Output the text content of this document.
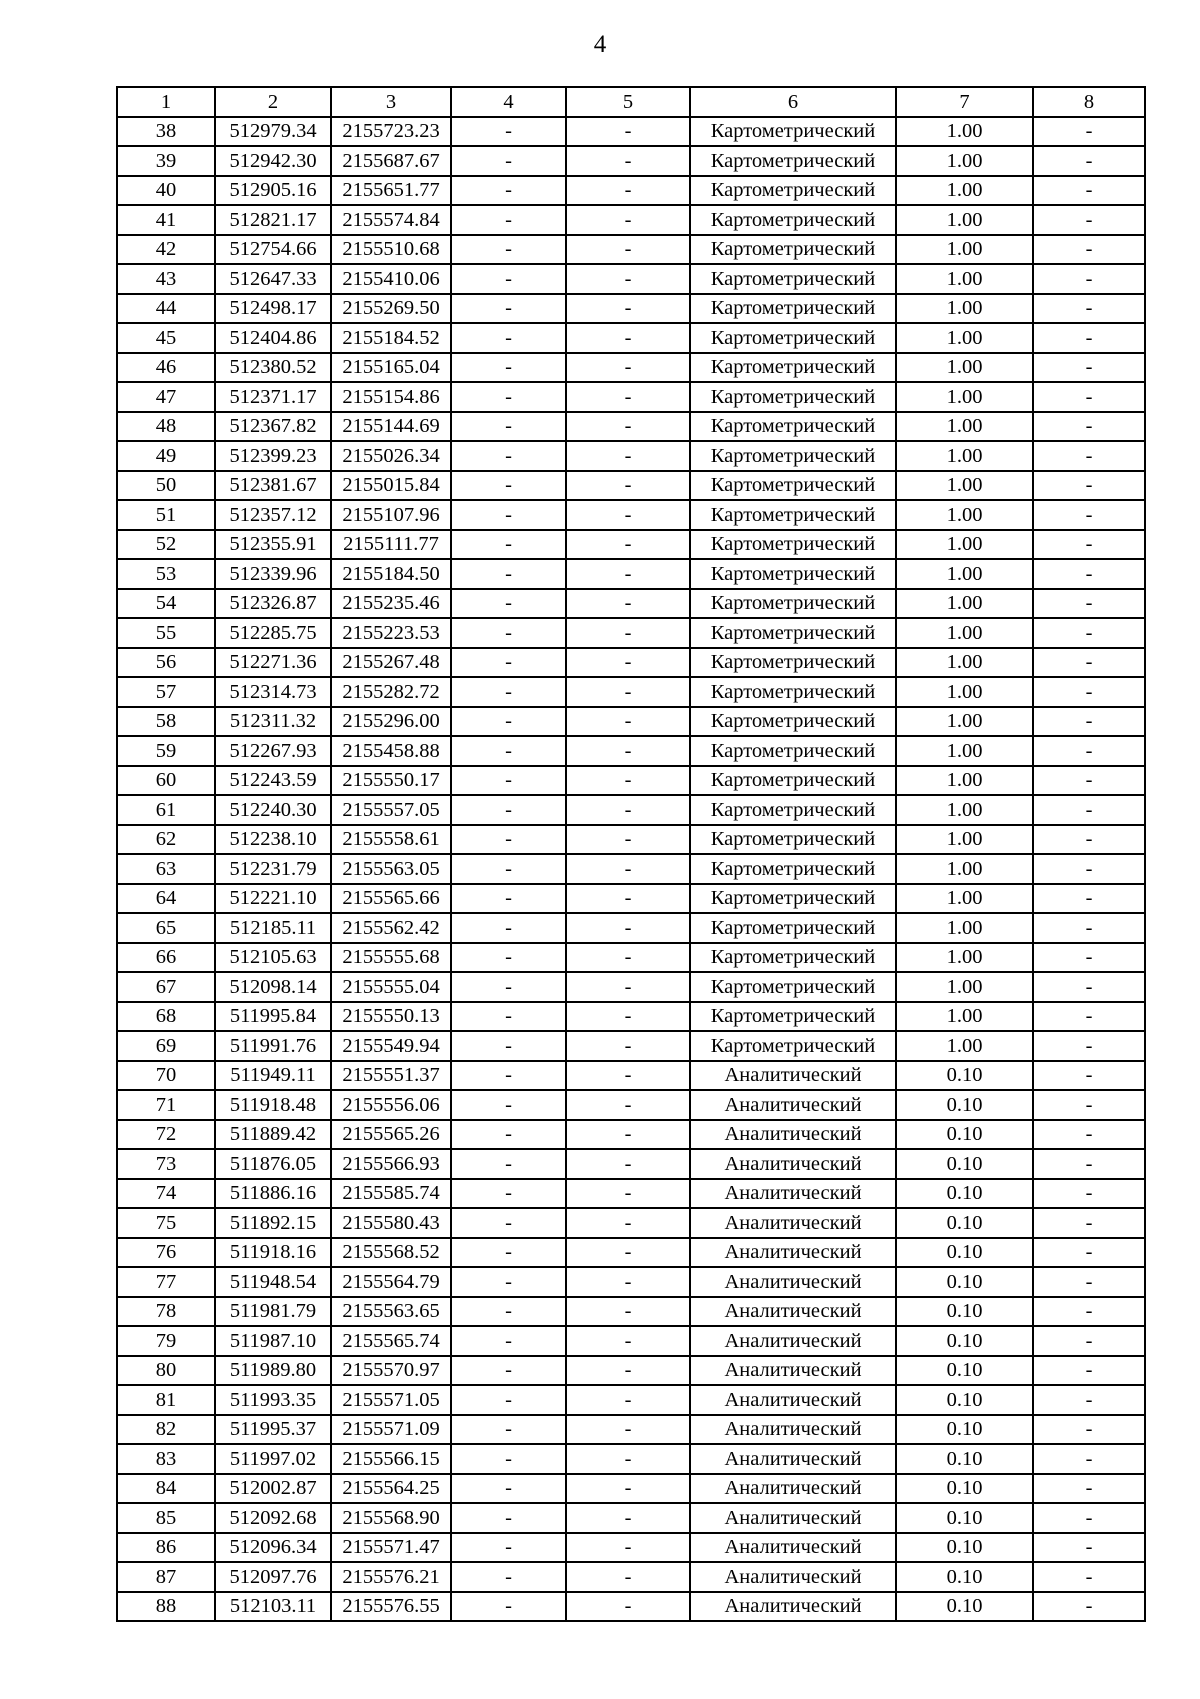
4
1	2	3	4	5	6	7	8
38	512979.34	2155723.23	-	-	Картометрический	1.00	-
39	512942.30	2155687.67	-	-	Картометрический	1.00	-
40	512905.16	2155651.77	-	-	Картометрический	1.00	-
41	512821.17	2155574.84	-	-	Картометрический	1.00	-
42	512754.66	2155510.68	-	-	Картометрический	1.00	-
43	512647.33	2155410.06	-	-	Картометрический	1.00	-
44	512498.17	2155269.50	-	-	Картометрический	1.00	-
45	512404.86	2155184.52	-	-	Картометрический	1.00	-
46	512380.52	2155165.04	-	-	Картометрический	1.00	-
47	512371.17	2155154.86	-	-	Картометрический	1.00	-
48	512367.82	2155144.69	-	-	Картометрический	1.00	-
49	512399.23	2155026.34	-	-	Картометрический	1.00	-
50	512381.67	2155015.84	-	-	Картометрический	1.00	-
51	512357.12	2155107.96	-	-	Картометрический	1.00	-
52	512355.91	2155111.77	-	-	Картометрический	1.00	-
53	512339.96	2155184.50	-	-	Картометрический	1.00	-
54	512326.87	2155235.46	-	-	Картометрический	1.00	-
55	512285.75	2155223.53	-	-	Картометрический	1.00	-
56	512271.36	2155267.48	-	-	Картометрический	1.00	-
57	512314.73	2155282.72	-	-	Картометрический	1.00	-
58	512311.32	2155296.00	-	-	Картометрический	1.00	-
59	512267.93	2155458.88	-	-	Картометрический	1.00	-
60	512243.59	2155550.17	-	-	Картометрический	1.00	-
61	512240.30	2155557.05	-	-	Картометрический	1.00	-
62	512238.10	2155558.61	-	-	Картометрический	1.00	-
63	512231.79	2155563.05	-	-	Картометрический	1.00	-
64	512221.10	2155565.66	-	-	Картометрический	1.00	-
65	512185.11	2155562.42	-	-	Картометрический	1.00	-
66	512105.63	2155555.68	-	-	Картометрический	1.00	-
67	512098.14	2155555.04	-	-	Картометрический	1.00	-
68	511995.84	2155550.13	-	-	Картометрический	1.00	-
69	511991.76	2155549.94	-	-	Картометрический	1.00	-
70	511949.11	2155551.37	-	-	Аналитический	0.10	-
71	511918.48	2155556.06	-	-	Аналитический	0.10	-
72	511889.42	2155565.26	-	-	Аналитический	0.10	-
73	511876.05	2155566.93	-	-	Аналитический	0.10	-
74	511886.16	2155585.74	-	-	Аналитический	0.10	-
75	511892.15	2155580.43	-	-	Аналитический	0.10	-
76	511918.16	2155568.52	-	-	Аналитический	0.10	-
77	511948.54	2155564.79	-	-	Аналитический	0.10	-
78	511981.79	2155563.65	-	-	Аналитический	0.10	-
79	511987.10	2155565.74	-	-	Аналитический	0.10	-
80	511989.80	2155570.97	-	-	Аналитический	0.10	-
81	511993.35	2155571.05	-	-	Аналитический	0.10	-
82	511995.37	2155571.09	-	-	Аналитический	0.10	-
83	511997.02	2155566.15	-	-	Аналитический	0.10	-
84	512002.87	2155564.25	-	-	Аналитический	0.10	-
85	512092.68	2155568.90	-	-	Аналитический	0.10	-
86	512096.34	2155571.47	-	-	Аналитический	0.10	-
87	512097.76	2155576.21	-	-	Аналитический	0.10	-
88	512103.11	2155576.55	-	-	Аналитический	0.10	-
